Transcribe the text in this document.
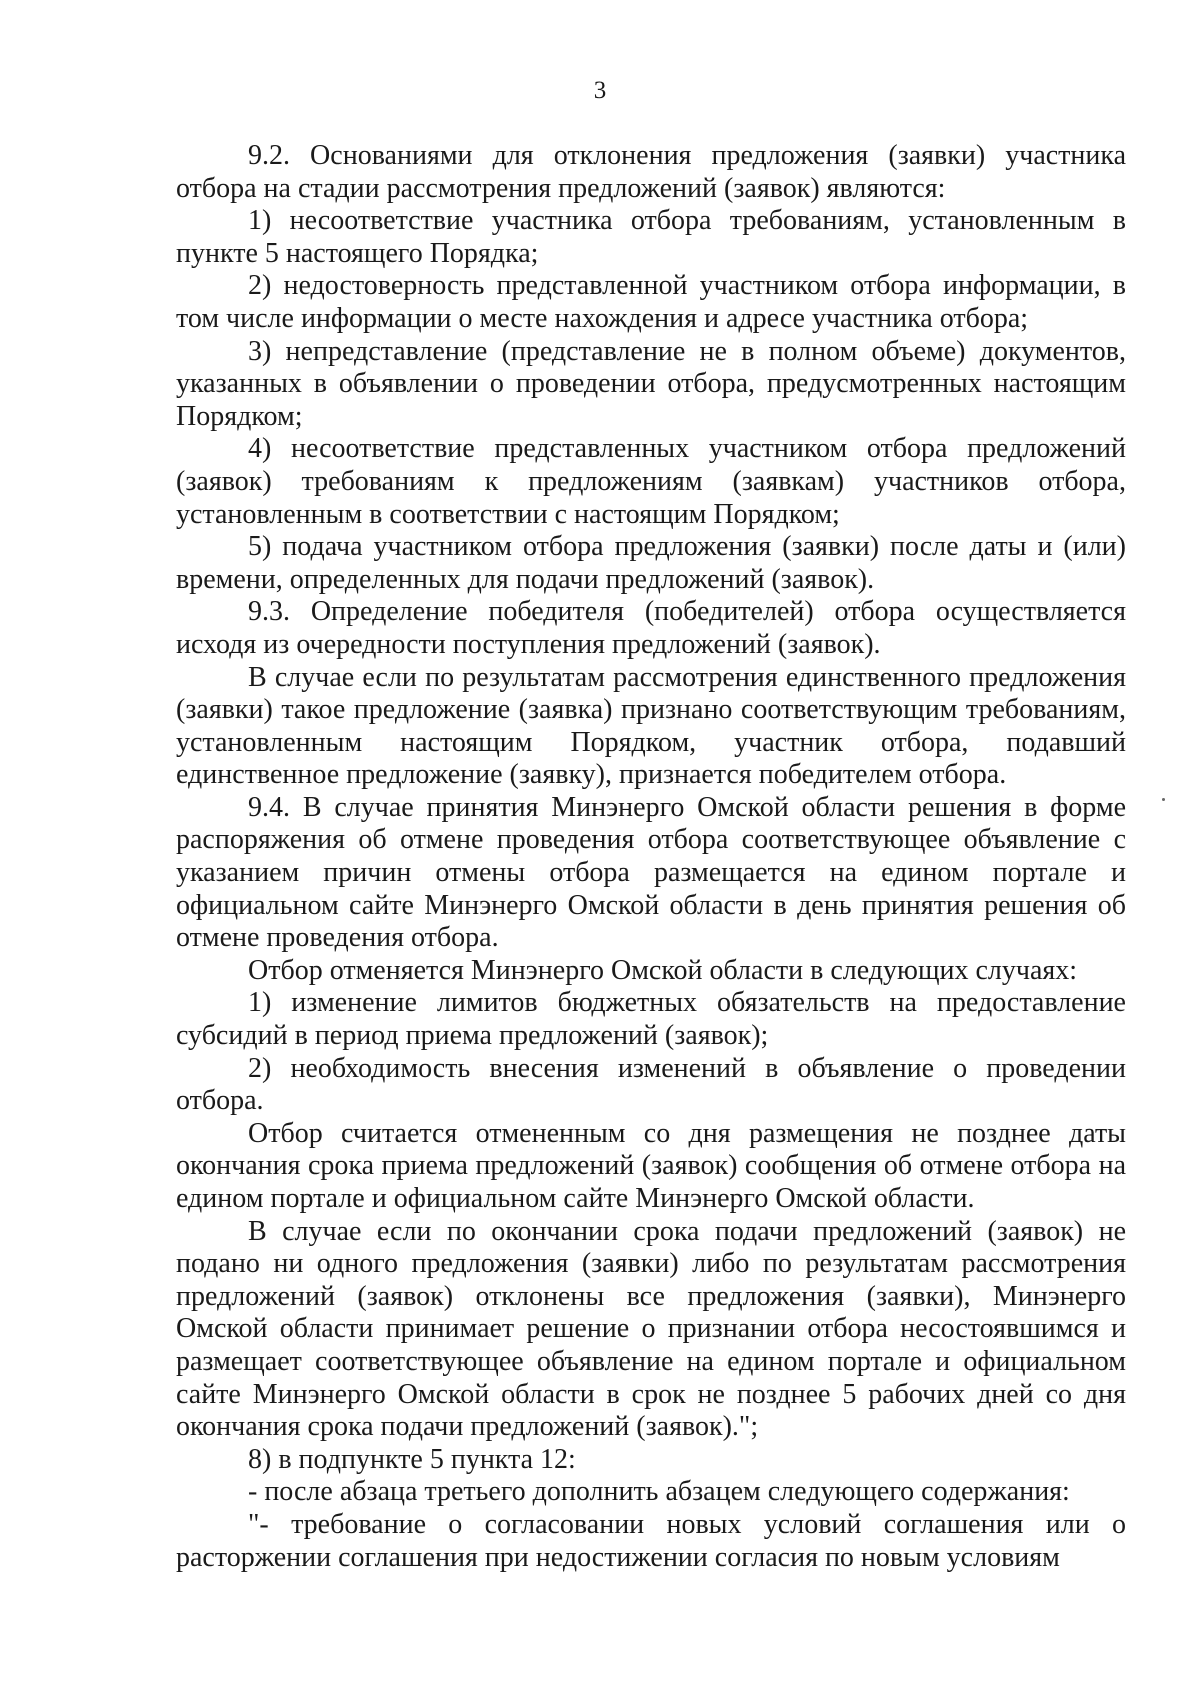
3

9.2. Основаниями для отклонения предложения (заявки) участника отбора на стадии рассмотрения предложений (заявок) являются:

1) несоответствие участника отбора требованиям, установленным в пункте 5 настоящего Порядка;

2) недостоверность представленной участником отбора информации, в том числе информации о месте нахождения и адресе участника отбора;

3) непредставление (представление не в полном объеме) документов, указанных в объявлении о проведении отбора, предусмотренных настоящим Порядком;

4) несоответствие представленных участником отбора предложений (заявок) требованиям к предложениям (заявкам) участников отбора, установленным в соответствии с настоящим Порядком;

5) подача участником отбора предложения (заявки) после даты и (или) времени, определенных для подачи предложений (заявок).

9.3. Определение победителя (победителей) отбора осуществляется исходя из очередности поступления предложений (заявок).

В случае если по результатам рассмотрения единственного предложения (заявки) такое предложение (заявка) признано соответствующим требованиям, установленным настоящим Порядком, участник отбора, подавший единственное предложение (заявку), признается победителем отбора.

9.4. В случае принятия Минэнерго Омской области решения в форме распоряжения об отмене проведения отбора соответствующее объявление с указанием причин отмены отбора размещается на едином портале и официальном сайте Минэнерго Омской области в день принятия решения об отмене проведения отбора.

Отбор отменяется Минэнерго Омской области в следующих случаях:

1) изменение лимитов бюджетных обязательств на предоставление субсидий в период приема предложений (заявок);

2) необходимость внесения изменений в объявление о проведении отбора.

Отбор считается отмененным со дня размещения не позднее даты окончания срока приема предложений (заявок) сообщения об отмене отбора на едином портале и официальном сайте Минэнерго Омской области.

В случае если по окончании срока подачи предложений (заявок) не подано ни одного предложения (заявки) либо по результатам рассмотрения предложений (заявок) отклонены все предложения (заявки), Минэнерго Омской области принимает решение о признании отбора несостоявшимся и размещает соответствующее объявление на едином портале и официальном сайте Минэнерго Омской области в срок не позднее 5 рабочих дней со дня окончания срока подачи предложений (заявок).";

8) в подпункте 5 пункта 12:

- после абзаца третьего дополнить абзацем следующего содержания:

"- требование о согласовании новых условий соглашения или о расторжении соглашения при недостижении согласия по новым условиям
